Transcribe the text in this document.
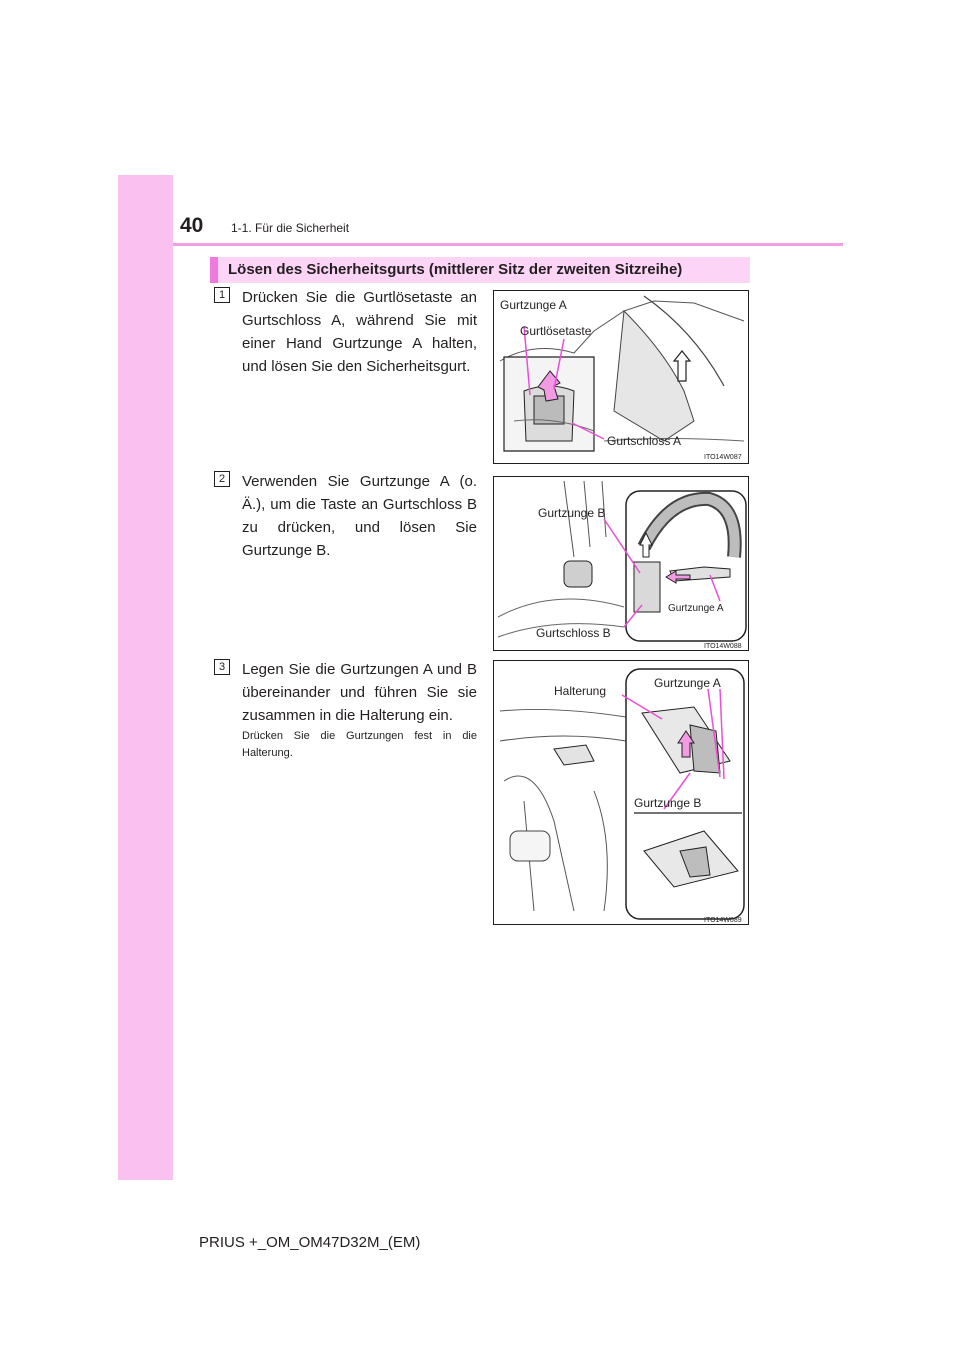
40 1-1. Für die Sicherheit
Lösen des Sicherheitsgurts (mittlerer Sitz der zweiten Sitzreihe)
1	Drücken Sie die Gurtlösetaste an Gurtschloss A, während Sie mit einer Hand Gurtzunge A halten, und lösen Sie den Sicherheitsgurt.
Gurtzunge A
Gurtlösetaste
Gurtschloss A
ITO14W087
2	Verwenden Sie Gurtzunge A (o. Ä.), um die Taste an Gurtschloss B zu drücken, und lösen Sie Gurtzunge B.
Gurtzunge B
Gurtzunge A
Gurtschloss B
ITO14W088
3	Legen Sie die Gurtzungen A und B übereinander und führen Sie sie zusammen in die Halterung ein.
Drücken Sie die Gurtzungen fest in die Halterung.
Halterung
Gurtzunge A
Gurtzunge B
ITO14W089
PRIUS +_OM_OM47D32M_(EM)
